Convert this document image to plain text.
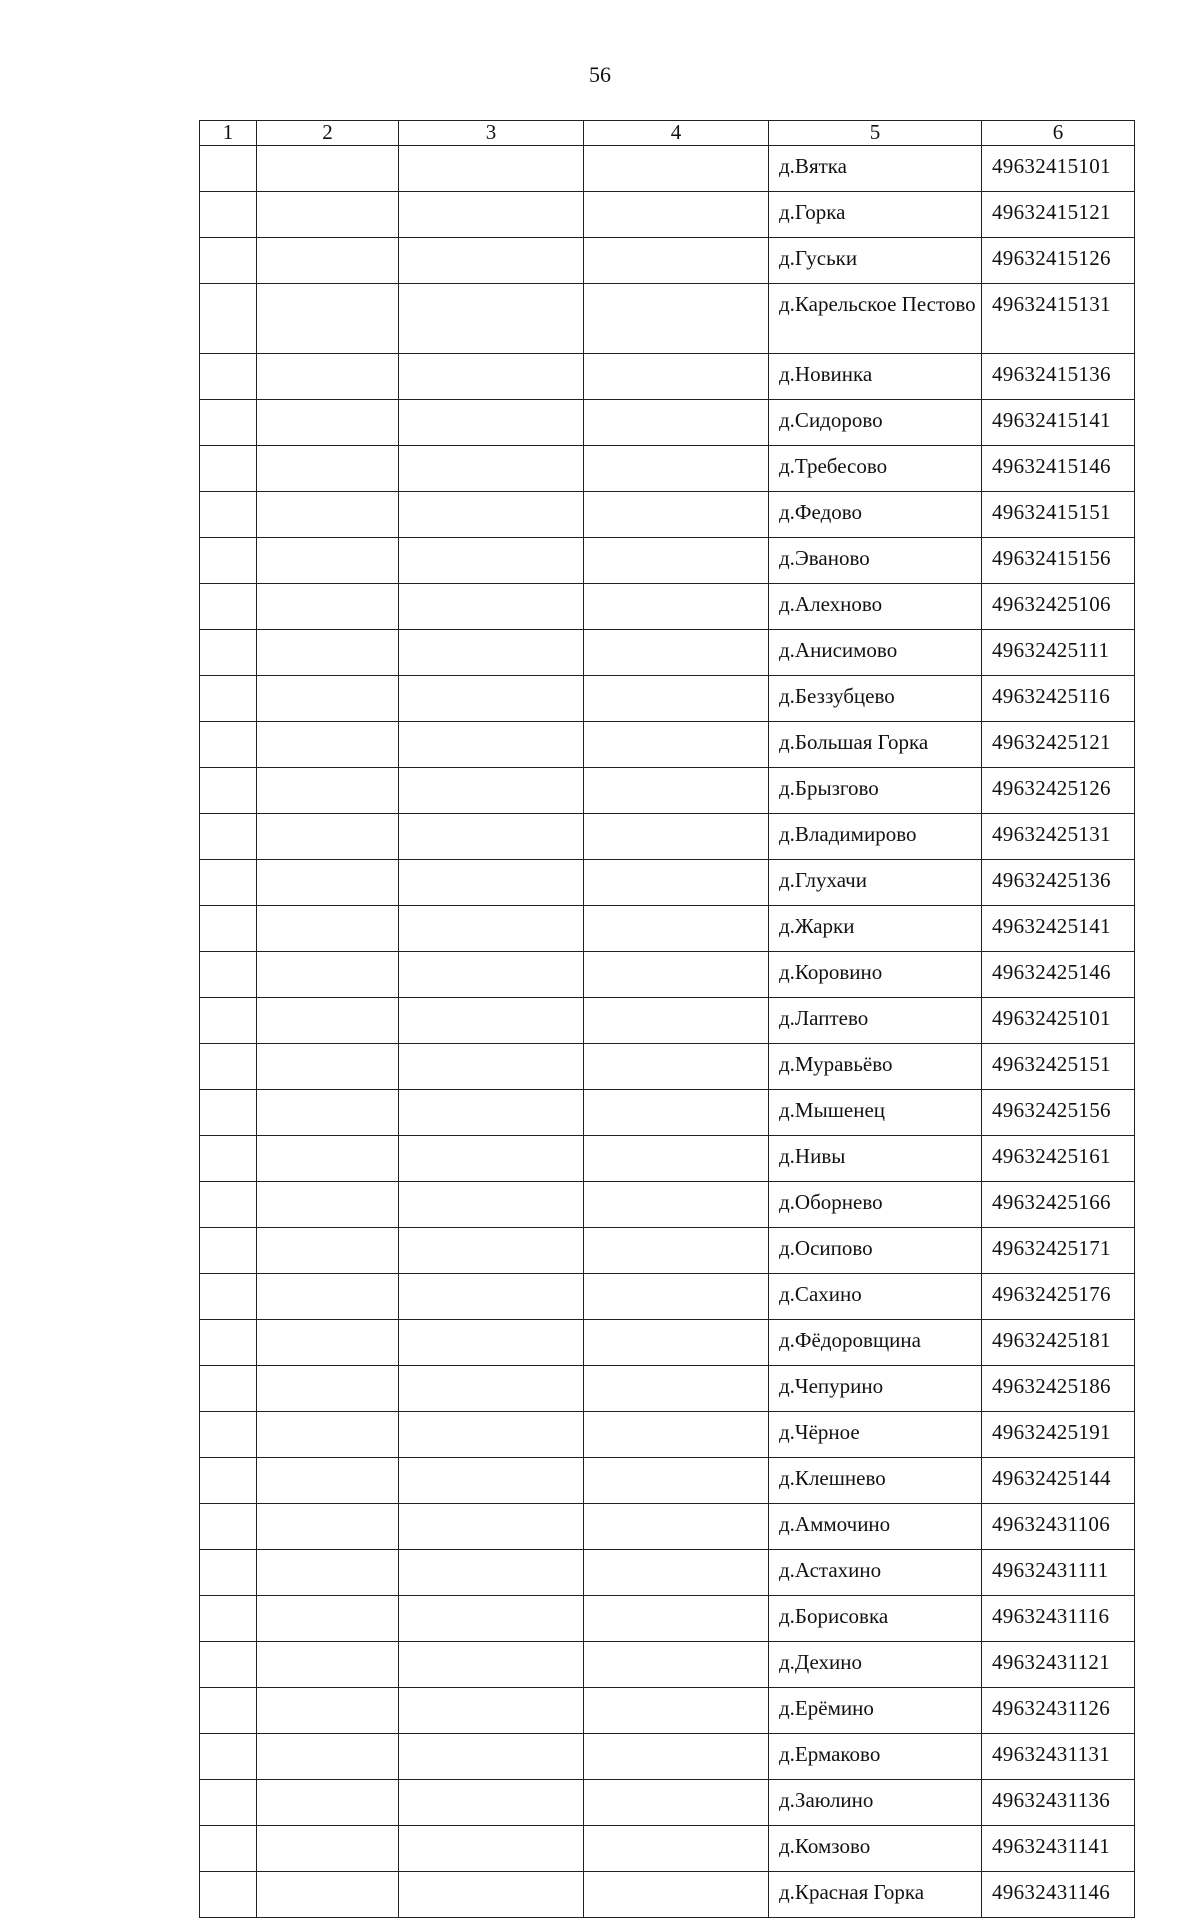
56
1	2	3	4	5	6
				д.Вятка	49632415101
				д.Горка	49632415121
				д.Гуськи	49632415126
				д.Карельское Пестово	49632415131
				д.Новинка	49632415136
				д.Сидорово	49632415141
				д.Требесово	49632415146
				д.Федово	49632415151
				д.Эваново	49632415156
				д.Алехново	49632425106
				д.Анисимово	49632425111
				д.Беззубцево	49632425116
				д.Большая Горка	49632425121
				д.Брызгово	49632425126
				д.Владимирово	49632425131
				д.Глухачи	49632425136
				д.Жарки	49632425141
				д.Коровино	49632425146
				д.Лаптево	49632425101
				д.Муравьёво	49632425151
				д.Мышенец	49632425156
				д.Нивы	49632425161
				д.Оборнево	49632425166
				д.Осипово	49632425171
				д.Сахино	49632425176
				д.Фёдоровщина	49632425181
				д.Чепурино	49632425186
				д.Чёрное	49632425191
				д.Клешнево	49632425144
				д.Аммочино	49632431106
				д.Астахино	49632431111
				д.Борисовка	49632431116
				д.Дехино	49632431121
				д.Ерёмино	49632431126
				д.Ермаково	49632431131
				д.Заюлино	49632431136
				д.Комзово	49632431141
				д.Красная Горка	49632431146
